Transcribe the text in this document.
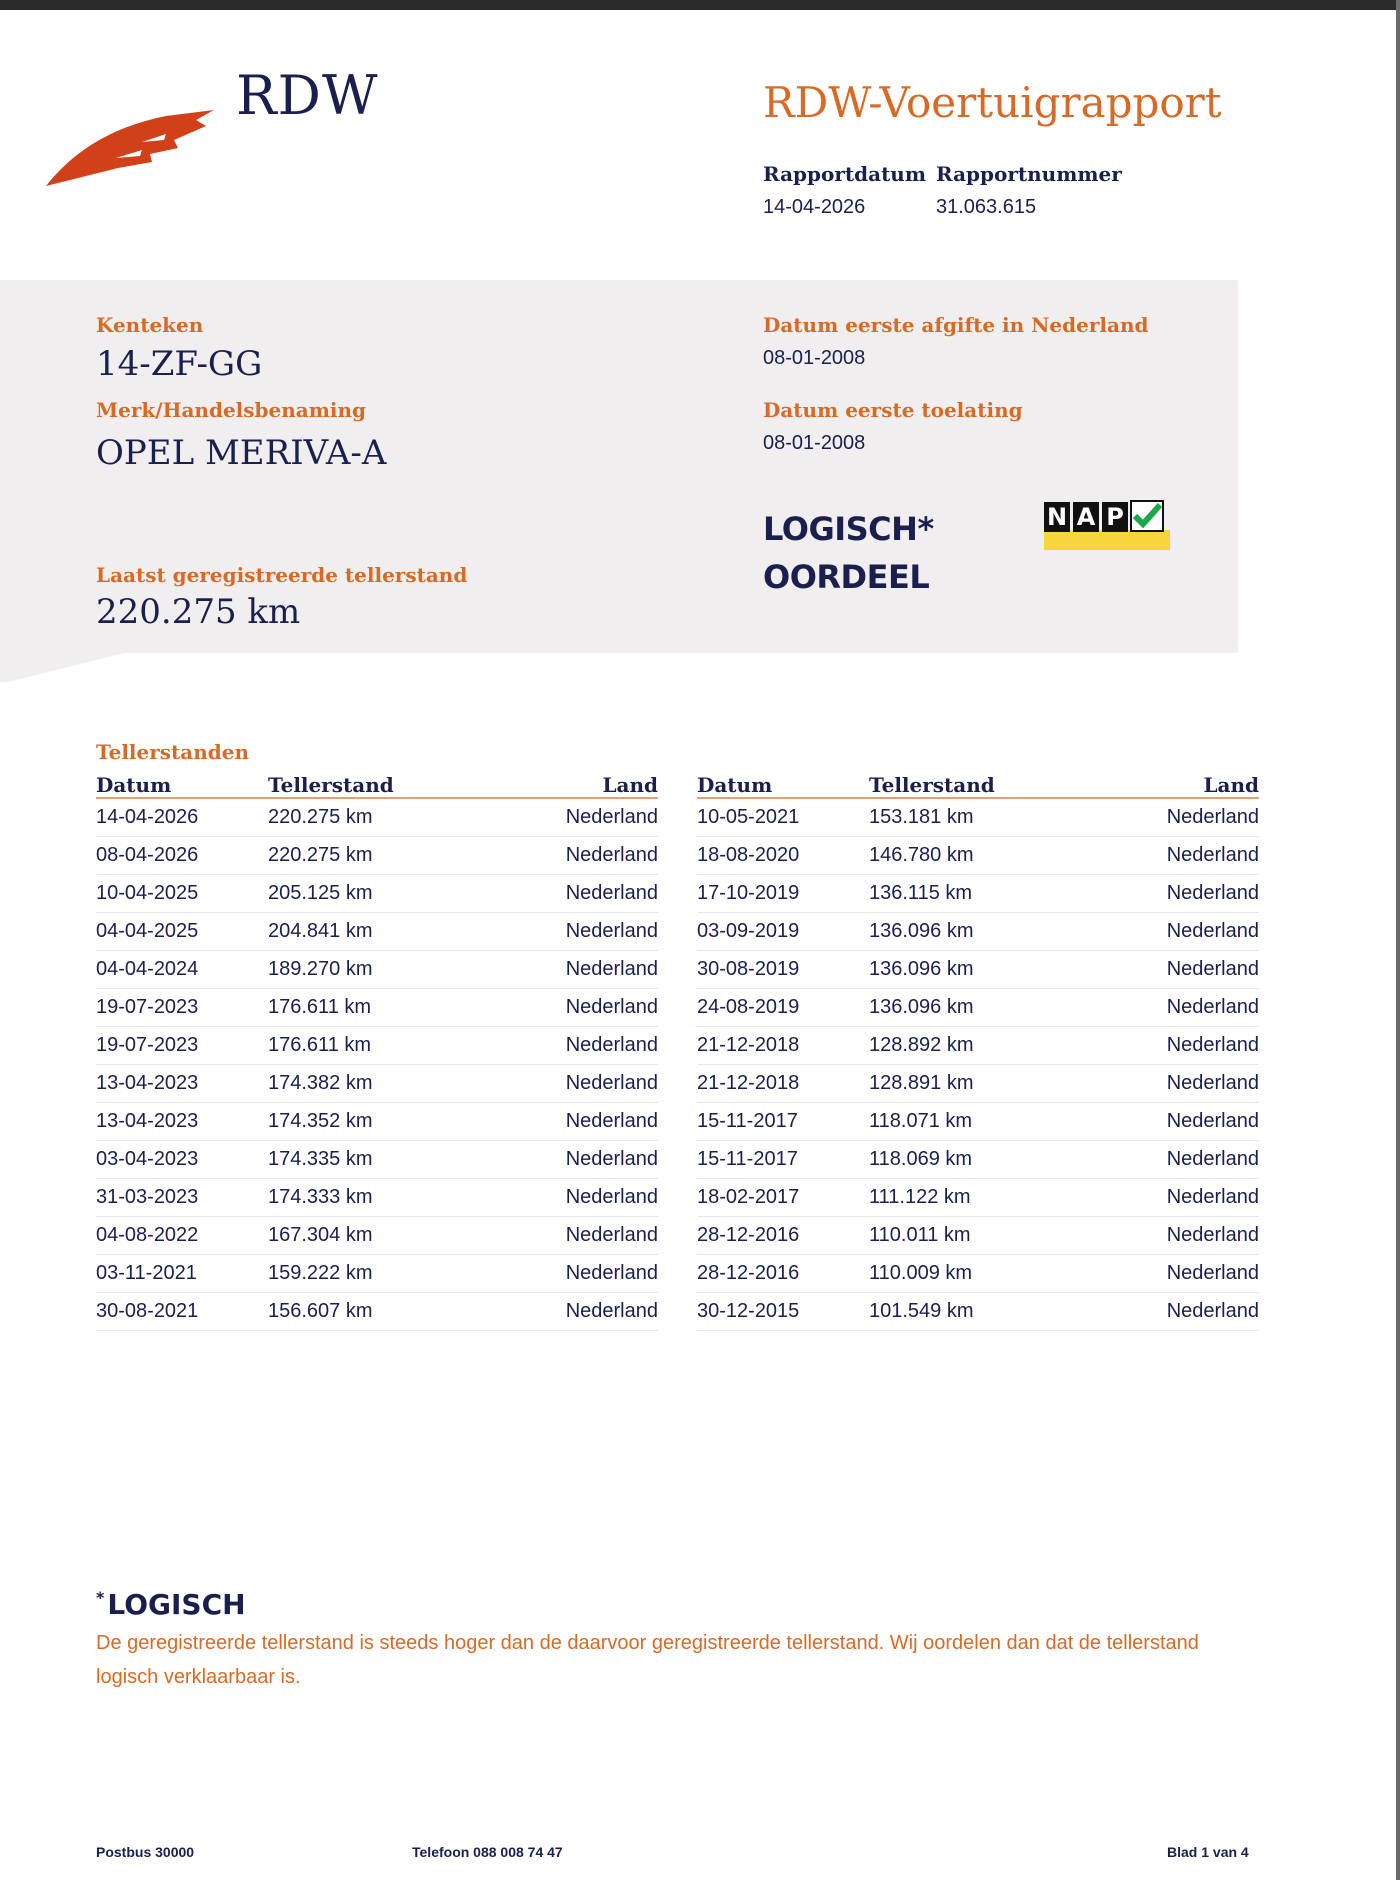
RDW	RDW-Voertuigrapport
Rapportdatum
14-04-2026
Rapportnummer
31.063.615
Kenteken
14-ZF-GG
Merk/Handelsbenaming
OPEL MERIVA-A
Laatst geregistreerde tellerstand
220.275 km
Datum eerste afgifte in Nederland
08-01-2008
Datum eerste toelating
08-01-2008
LOGISCH*
OORDEEL
N A P
Tellerstanden
Datum	Tellerstand	Land
14-04-2026	220.275 km	Nederland
08-04-2026	220.275 km	Nederland
10-04-2025	205.125 km	Nederland
04-04-2025	204.841 km	Nederland
04-04-2024	189.270 km	Nederland
19-07-2023	176.611 km	Nederland
19-07-2023	176.611 km	Nederland
13-04-2023	174.382 km	Nederland
13-04-2023	174.352 km	Nederland
03-04-2023	174.335 km	Nederland
31-03-2023	174.333 km	Nederland
04-08-2022	167.304 km	Nederland
03-11-2021	159.222 km	Nederland
30-08-2021	156.607 km	Nederland
Datum	Tellerstand	Land
10-05-2021	153.181 km	Nederland
18-08-2020	146.780 km	Nederland
17-10-2019	136.115 km	Nederland
03-09-2019	136.096 km	Nederland
30-08-2019	136.096 km	Nederland
24-08-2019	136.096 km	Nederland
21-12-2018	128.892 km	Nederland
21-12-2018	128.891 km	Nederland
15-11-2017	118.071 km	Nederland
15-11-2017	118.069 km	Nederland
18-02-2017	111.122 km	Nederland
28-12-2016	110.011 km	Nederland
28-12-2016	110.009 km	Nederland
30-12-2015	101.549 km	Nederland
* LOGISCH
De geregistreerde tellerstand is steeds hoger dan de daarvoor geregistreerde tellerstand. Wij oordelen dan dat de tellerstand logisch verklaarbaar is.
Postbus 30000	Telefoon 088 008 74 47	Blad 1 van 4
